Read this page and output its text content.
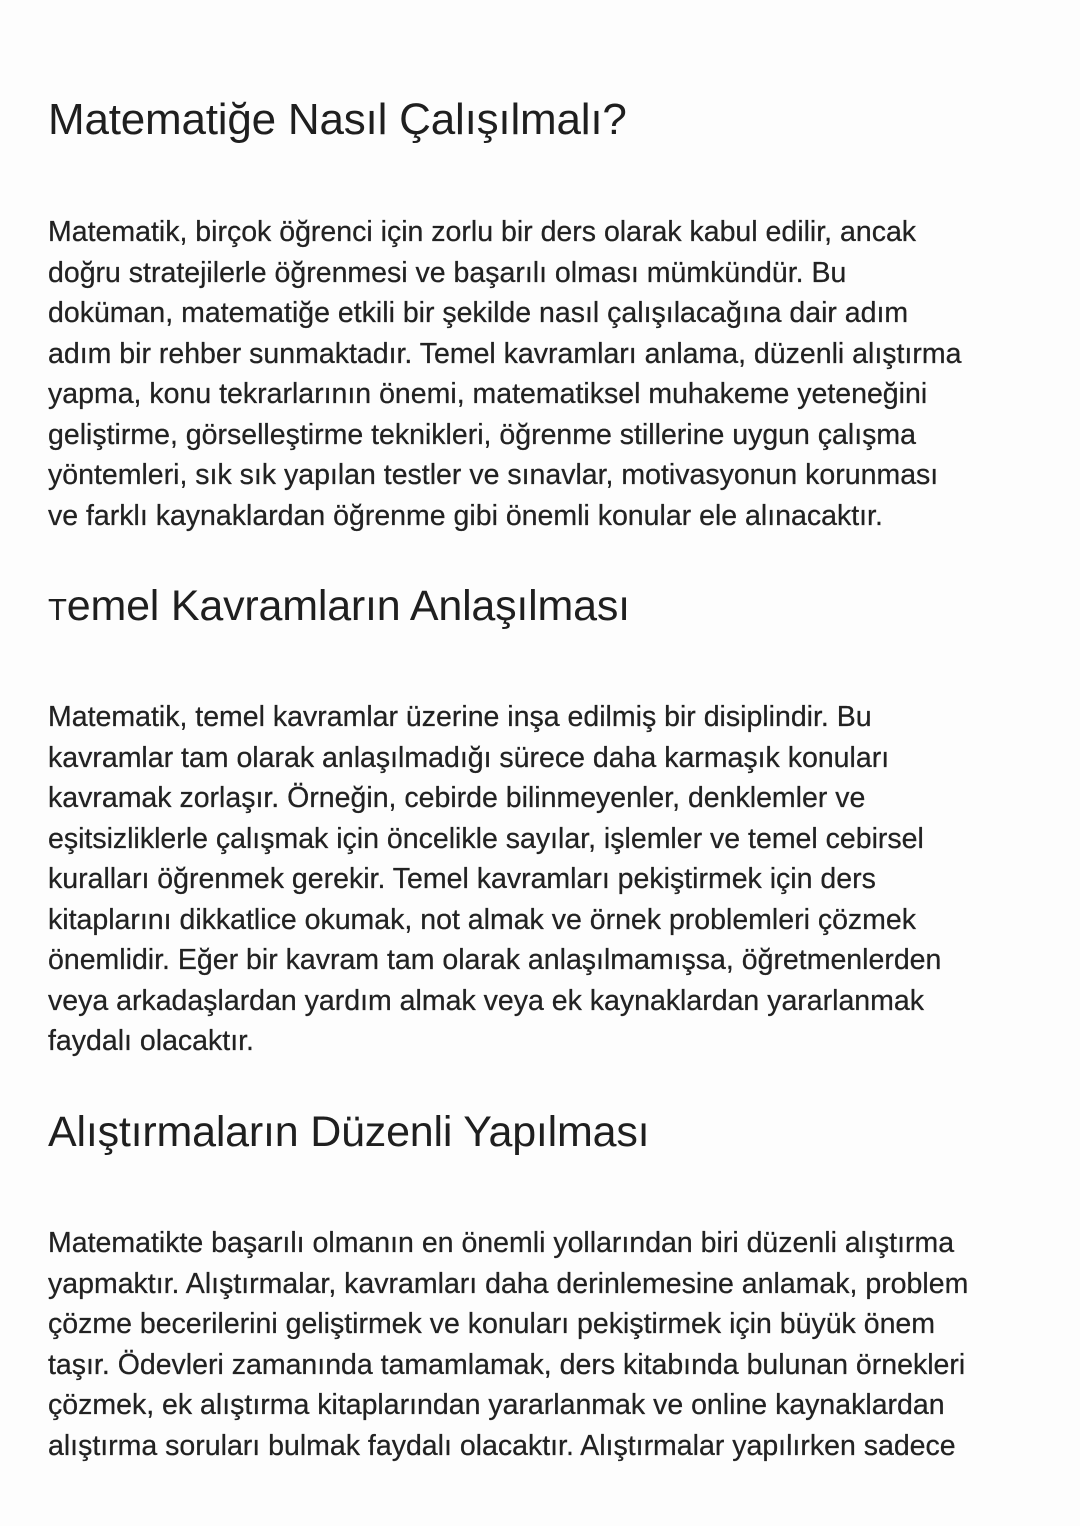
Matematiğe Nasıl Çalışılmalı?

Matematik, birçok öğrenci için zorlu bir ders olarak kabul edilir, ancak
doğru stratejilerle öğrenmesi ve başarılı olması mümkündür. Bu
doküman, matematiğe etkili bir şekilde nasıl çalışılacağına dair adım
adım bir rehber sunmaktadır. Temel kavramları anlama, düzenli alıştırma
yapma, konu tekrarlarının önemi, matematiksel muhakeme yeteneğini
geliştirme, görselleştirme teknikleri, öğrenme stillerine uygun çalışma
yöntemleri, sık sık yapılan testler ve sınavlar, motivasyonun korunması
ve farklı kaynaklardan öğrenme gibi önemli konular ele alınacaktır.

Temel Kavramların Anlaşılması

Matematik, temel kavramlar üzerine inşa edilmiş bir disiplindir. Bu
kavramlar tam olarak anlaşılmadığı sürece daha karmaşık konuları
kavramak zorlaşır. Örneğin, cebirde bilinmeyenler, denklemler ve
eşitsizliklerle çalışmak için öncelikle sayılar, işlemler ve temel cebirsel
kuralları öğrenmek gerekir. Temel kavramları pekiştirmek için ders
kitaplarını dikkatlice okumak, not almak ve örnek problemleri çözmek
önemlidir. Eğer bir kavram tam olarak anlaşılmamışsa, öğretmenlerden
veya arkadaşlardan yardım almak veya ek kaynaklardan yararlanmak
faydalı olacaktır.

Alıştırmaların Düzenli Yapılması

Matematikte başarılı olmanın en önemli yollarından biri düzenli alıştırma
yapmaktır. Alıştırmalar, kavramları daha derinlemesine anlamak, problem
çözme becerilerini geliştirmek ve konuları pekiştirmek için büyük önem
taşır. Ödevleri zamanında tamamlamak, ders kitabında bulunan örnekleri
çözmek, ek alıştırma kitaplarından yararlanmak ve online kaynaklardan
alıştırma soruları bulmak faydalı olacaktır. Alıştırmalar yapılırken sadece
